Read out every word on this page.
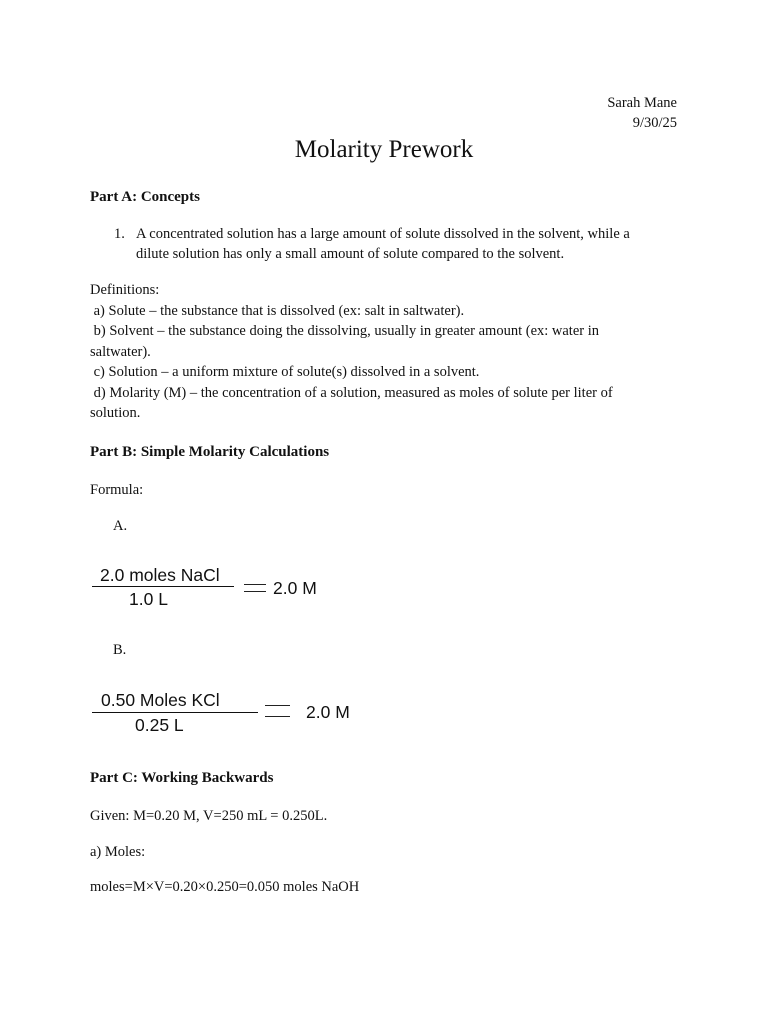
Sarah Mane
9/30/25
Molarity Prework
Part A: Concepts
1. A concentrated solution has a large amount of solute dissolved in the solvent, while a
dilute solution has only a small amount of solute compared to the solvent.
Definitions:
a) Solute – the substance that is dissolved (ex: salt in saltwater).
b) Solvent – the substance doing the dissolving, usually in greater amount (ex: water in
saltwater).
c) Solution – a uniform mixture of solute(s) dissolved in a solvent.
d) Molarity (M) – the concentration of a solution, measured as moles of solute per liter of
solution.
Part B: Simple Molarity Calculations
Formula:
A.
2.0 moles NaCl
1.0 L
2.0 M
B.
0.50 Moles KCl
0.25 L
2.0 M
Part C: Working Backwards
Given: M=0.20 M, V=250 mL = 0.250L.
a) Moles:
moles=M×V=0.20×0.250=0.050 moles NaOH
